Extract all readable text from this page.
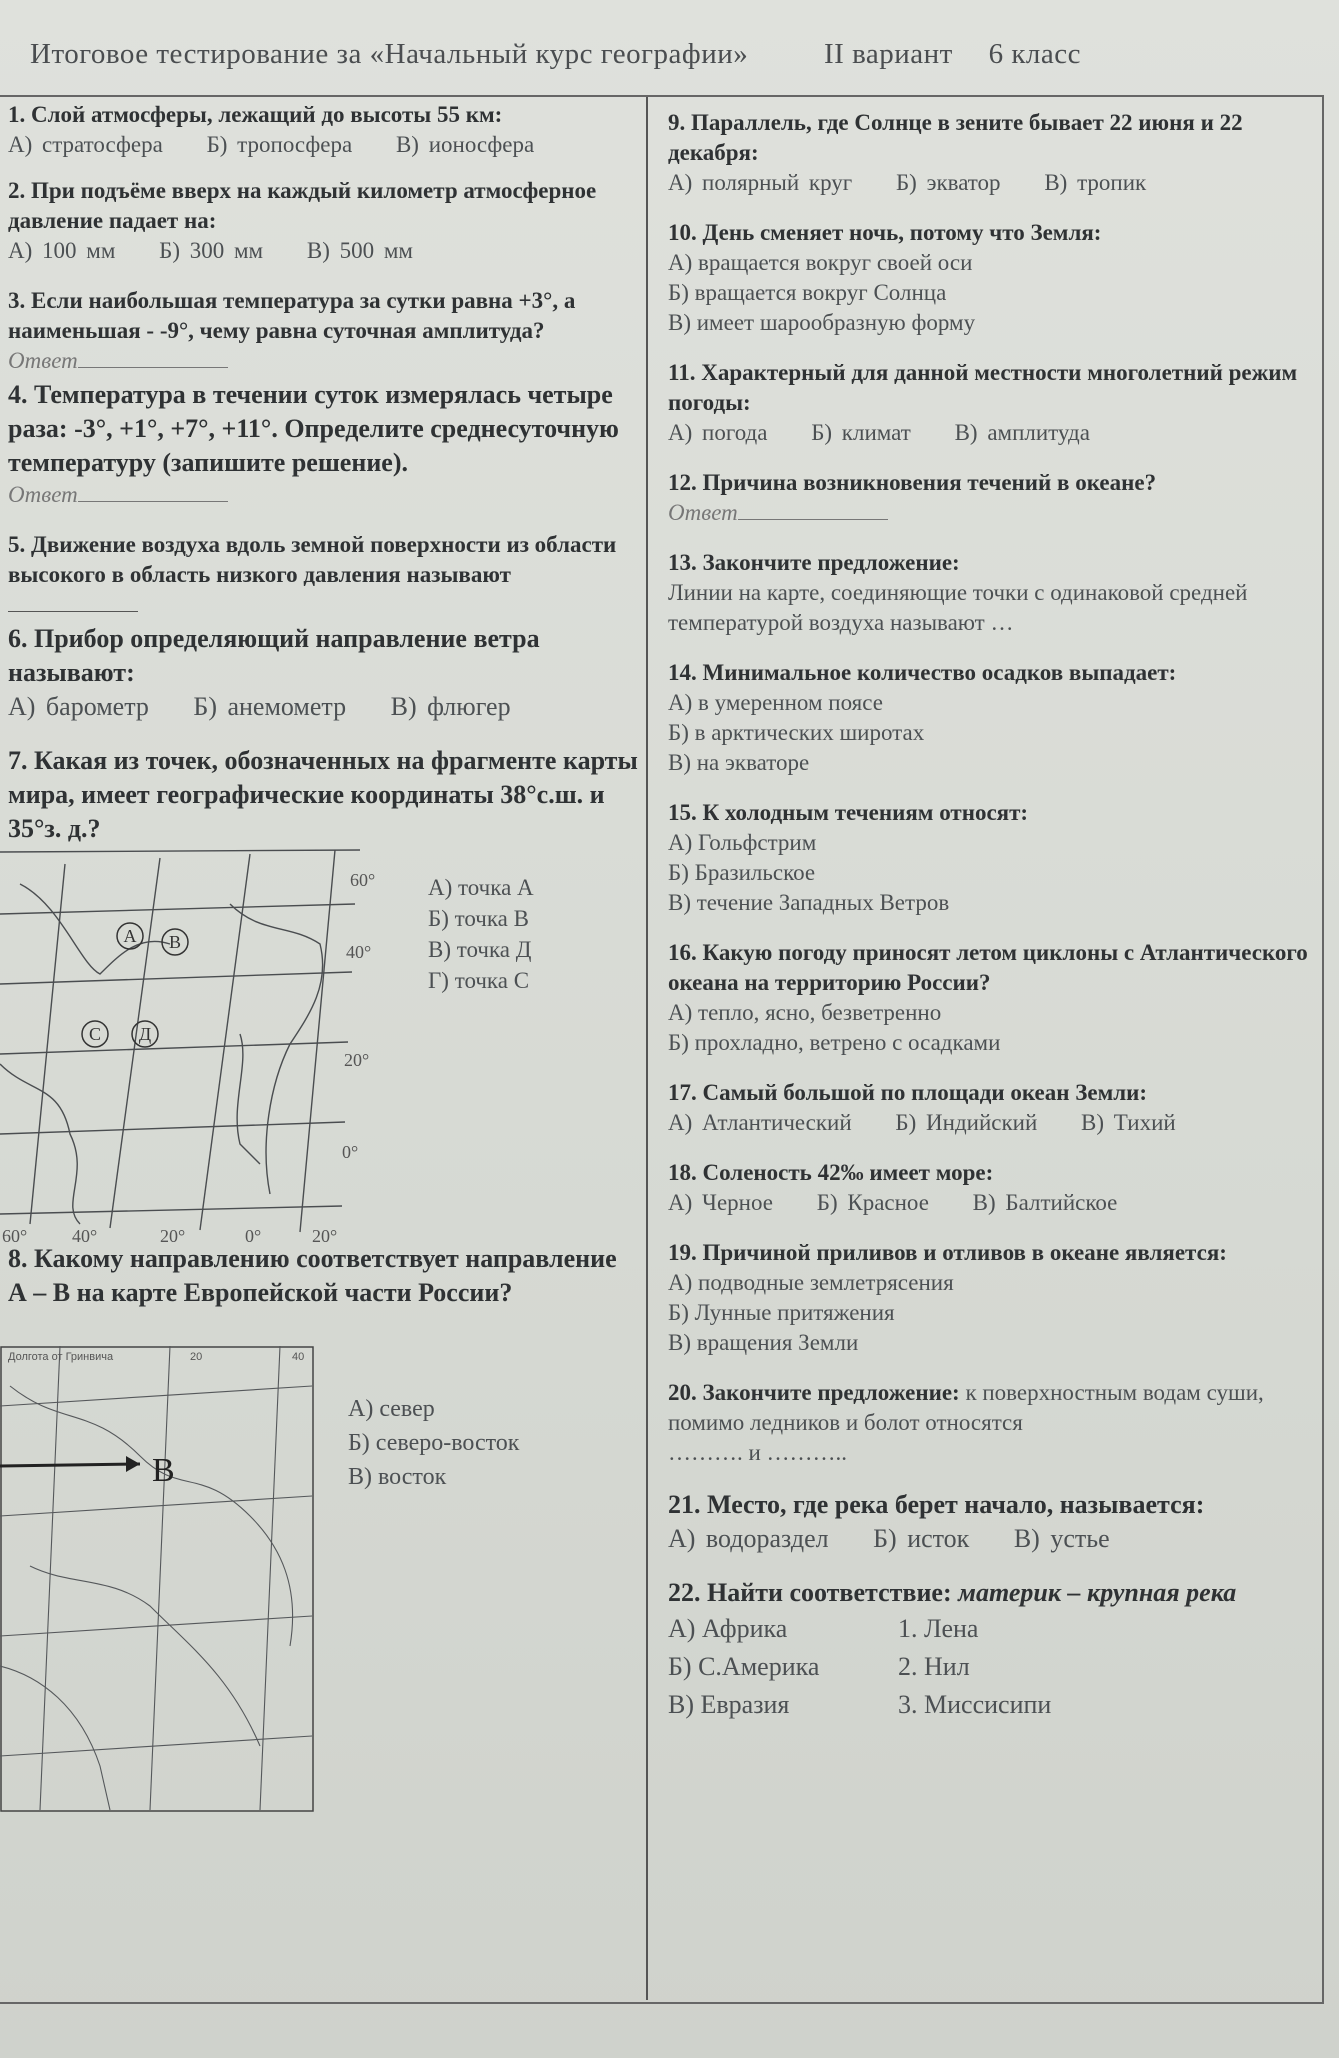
Итоговое тестирование за «Начальный курс географии»	II вариант 6 класс
1. Слой атмосферы, лежащий до высоты 55 км:
А) стратосфера Б) тропосфера В) ионосфера
2. При подъёме вверх на каждый километр атмосферное давление падает на:
А) 100 мм Б) 300 мм В) 500 мм
3. Если наибольшая температура за сутки равна +3°, а наименьшая - -9°, чему равна суточная амплитуда?
Ответ
4. Температура в течении суток измерялась четыре раза: -3°, +1°, +7°, +11°. Определите среднесуточную температуру (запишите решение).
Ответ
5. Движение воздуха вдоль земной поверхности из области высокого в область низкого давления называют
6. Прибор определяющий направление ветра называют:
А) барометр Б) анемометр В) флюгер
7. Какая из точек, обозначенных на фрагменте карты мира, имеет географические координаты 38°с.ш. и 35°з. д.?
А В
С Д
60°
40°
20°
0°
60° 40°	20°	0°	20°
А) точка А
Б) точка В
В) точка Д
Г) точка С
8. Какому направлению соответствует направление А – В на карте Европейской части России?
В
Долгота от Гринвича	20	40
А) север
Б) северо-восток
В) восток
9. Параллель, где Солнце в зените бывает 22 июня и 22 декабря:
А) полярный круг Б) экватор В) тропик
10. День сменяет ночь, потому что Земля:
А) вращается вокруг своей оси
Б) вращается вокруг Солнца
В) имеет шарообразную форму
11. Характерный для данной местности многолетний режим погоды:
А) погода Б) климат В) амплитуда
12. Причина возникновения течений в океане?
Ответ
13. Закончите предложение:
Линии на карте, соединяющие точки с одинаковой средней температурой воздуха называют …
14. Минимальное количество осадков выпадает:
А) в умеренном поясе
Б) в арктических широтах
В) на экваторе
15. К холодным течениям относят:
А) Гольфстрим
Б) Бразильское
В) течение Западных Ветров
16. Какую погоду приносят летом циклоны с Атлантического океана на территорию России?
А) тепло, ясно, безветренно
Б) прохладно, ветрено с осадками
17. Самый большой по площади океан Земли:
А) Атлантический Б) Индийский В) Тихий
18. Соленость 42‰ имеет море:
А) Черное Б) Красное В) Балтийское
19. Причиной приливов и отливов в океане является:
А) подводные землетрясения
Б) Лунные притяжения
В) вращения Земли
20. Закончите предложение: к поверхностным водам суши, помимо ледников и болот относятся
………. и ………..
21. Место, где река берет начало, называется:
А) водораздел Б) исток В) устье
22. Найти соответствие: материк – крупная река
А) Африка	1. Лена
Б) С.Америка	2. Нил
В) Евразия	3. Миссисипи
